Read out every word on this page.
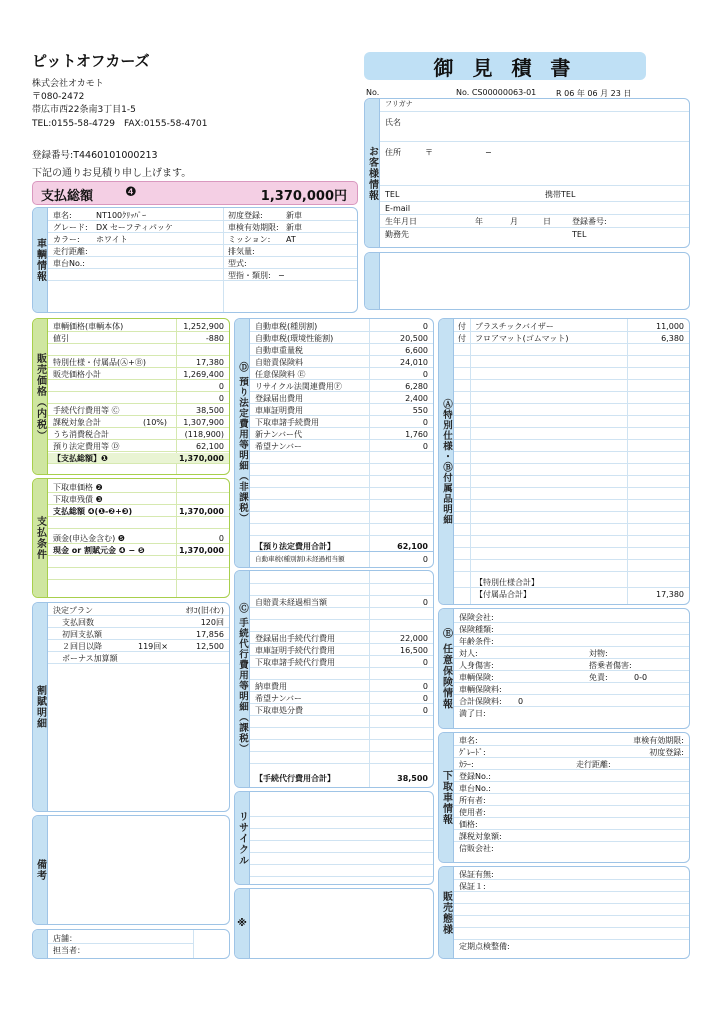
ピットオフカーズ
株式会社オカモト
〒080-2472
帯広市西22条南3丁目1-5
TEL:0155-58-4729　FAX:0155-58-4701
登録番号:T4460101000213
下記の通りお見積り申し上げます。
御 見 積 書
No.	No. CS00000063-01 R 06 年 06 月 23 日
支払総額 ❹	1,370,000円 お客様情報
フリガナ
氏名
住所	〒	−
TEL	携帯TEL
E-mail
生年月日	年	月	日	登録番号:
勤務先	TEL
車輌情報
車名:	NT100ｸﾘｯﾊﾟｰ	初度登録:	新車
グレード: DX セーフティパッケ	車検有効期限: 新車
カラー: ホワイト	ミッション: AT
走行距離:	排気量:
車台No.:	型式:
型指・類別: −
販売価格（内税）
車輌価格(車輌本体)	1,252,900
値引	-880
特別仕様・付属品(Ⓐ+Ⓑ)	17,380
販売価格小計	1,269,400
0
0
手続代行費用等 Ⓒ	38,500
課税対象合計	(10%) 1,307,900
うち消費税合計	(118,900)
預り法定費用等 Ⓓ	62,100
【支払総額】❶	1,370,000
支払条件
下取車価格 ❷
下取車残債 ❸
支払総額 ❹(❶-❷+❸)	1,370,000
頭金(申込金含む) ❺	0
現金 or 割賦元金 ❹ − ❺	1,370,000
割賦明細
決定プラン	ｵﾘｺ(旧ｲｵﾝ)
支払回数	120回
初回支払額	17,856
２回目以降	119回×	12,500
ボーナス加算額
備考
店舗：
担当者：
Ⓓ 預り法定費用等明細（非課税）
自動車税(種別割)	0
自動車税(環境性能割)	20,500
自動車重量税	6,600
自賠責保険料	24,010
任意保険料 Ⓔ	0
リサイクル法関連費用Ⓕ	6,280
登録届出費用	2,400
車庫証明費用	550
下取車諸手続費用	0
新ナンバー代	1,760
希望ナンバー	0
【預り法定費用合計】	62,100
自動車税(種別割)未経過相当額	0
Ⓒ 手続代行費用等明細（課税）
自賠責未経過相当額	0
登録届出手続代行費用	22,000
車庫証明手続代行費用	16,500
下取車諸手続代行費用	0
納車費用	0
希望ナンバー	0
下取車処分費	0
【手続代行費用合計】	38,500
リサイクル
※
Ⓐ特別仕様・Ⓑ付属品明細
付 プラスチックバイザー	11,000
付 フロアマット(ゴムマット)	6,380
【特別仕様合計】
【付属品合計】	17,380
Ⓔ 任意保険情報
保険会社:
保険種類:
年齢条件:
対人:	対物:
人身傷害:	搭乗者傷害:
車輌保険:	免責:	0-0
車輌保険料:
合計保険料: 0
満了日:
下取車情報
車名:	車検有効期限:
ｸﾞﾚｰﾄﾞ:	初度登録:
ｶﾗｰ:	走行距離:
登録No.:
車台No.:
所有者:
使用者:
価格:
課税対象額:
信販会社:
販売態様
保証有無:
保証１:
定期点検整備:
